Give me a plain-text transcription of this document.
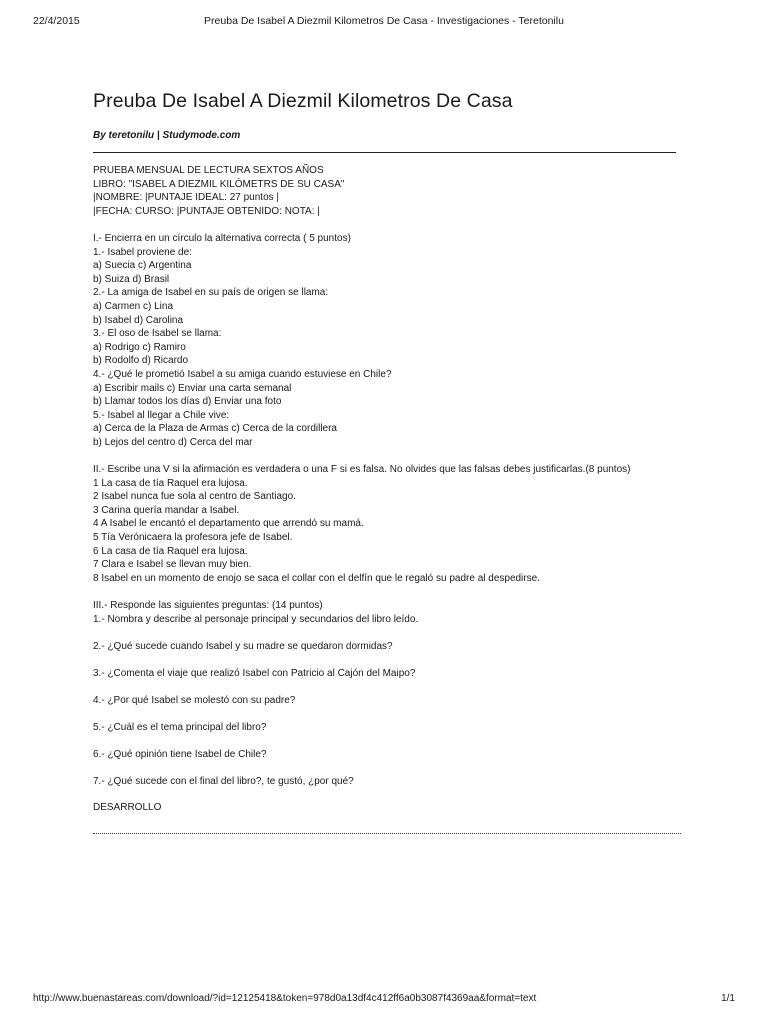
22/4/2015	Preuba De Isabel A Diezmil Kilometros De Casa - Investigaciones - Teretonilu
Preuba De Isabel A Diezmil Kilometros De Casa
By teretonilu | Studymode.com
PRUEBA MENSUAL DE LECTURA SEXTOS AÑOS
LIBRO: "ISABEL A DIEZMIL KILÓMETRS DE SU CASA"
|NOMBRE: |PUNTAJE IDEAL: 27 puntos |
|FECHA: CURSO: |PUNTAJE OBTENIDO: NOTA: |
I.- Encierra en un círculo la alternativa correcta ( 5 puntos)
1.- Isabel proviene de:
a) Suecia c) Argentina
b) Suiza d) Brasil
2.- La amiga de Isabel en su país de origen se llama:
a) Carmen c) Lina
b) Isabel d) Carolina
3.- El oso de Isabel se llama:
a) Rodrigo c) Ramiro
b) Rodolfo d) Ricardo
4.- ¿Qué le prometió Isabel a su amiga cuando estuviese en Chile?
a) Escribir mails c) Enviar una carta semanal
b) Llamar todos los días d) Enviar una foto
5.- Isabel al llegar a Chile vive:
a) Cerca de la Plaza de Armas c) Cerca de la cordillera
b) Lejos del centro d) Cerca del mar
II.- Escribe una V si la afirmación es verdadera o una F si es falsa. No olvides que las falsas debes justificarlas.(8 puntos)
1 La casa de tía Raquel era lujosa.
2 Isabel nunca fue sola al centro de Santiago.
3 Carina quería mandar a Isabel.
4 A Isabel le encantó el departamento que arrendó su mamá.
5 Tía Verónicaera la profesora jefe de Isabel.
6 La casa de tía Raquel era lujosa.
7 Clara e Isabel se llevan muy bien.
8 Isabel en un momento de enojo se saca el collar con el delfín que le regaló su padre al despedirse.
III.- Responde las siguientes preguntas: (14 puntos)
1.- Nombra y describe al personaje principal y secundarios del libro leído.
2.- ¿Qué sucede cuando Isabel y su madre se quedaron dormidas?
3.- ¿Comenta el viaje que realizó Isabel con Patricio al Cajón del Maipo?
4.- ¿Por qué Isabel se molestó con su padre?
5.- ¿Cuál es el tema principal del libro?
6.- ¿Qué opinión tiene Isabel de Chile?
7.- ¿Qué sucede con el final del libro?, te gustó, ¿por qué?
DESARROLLO
http://www.buenastareas.com/download/?id=12125418&token=978d0a13df4c412ff6a0b3087f4369aa&format=text	1/1
